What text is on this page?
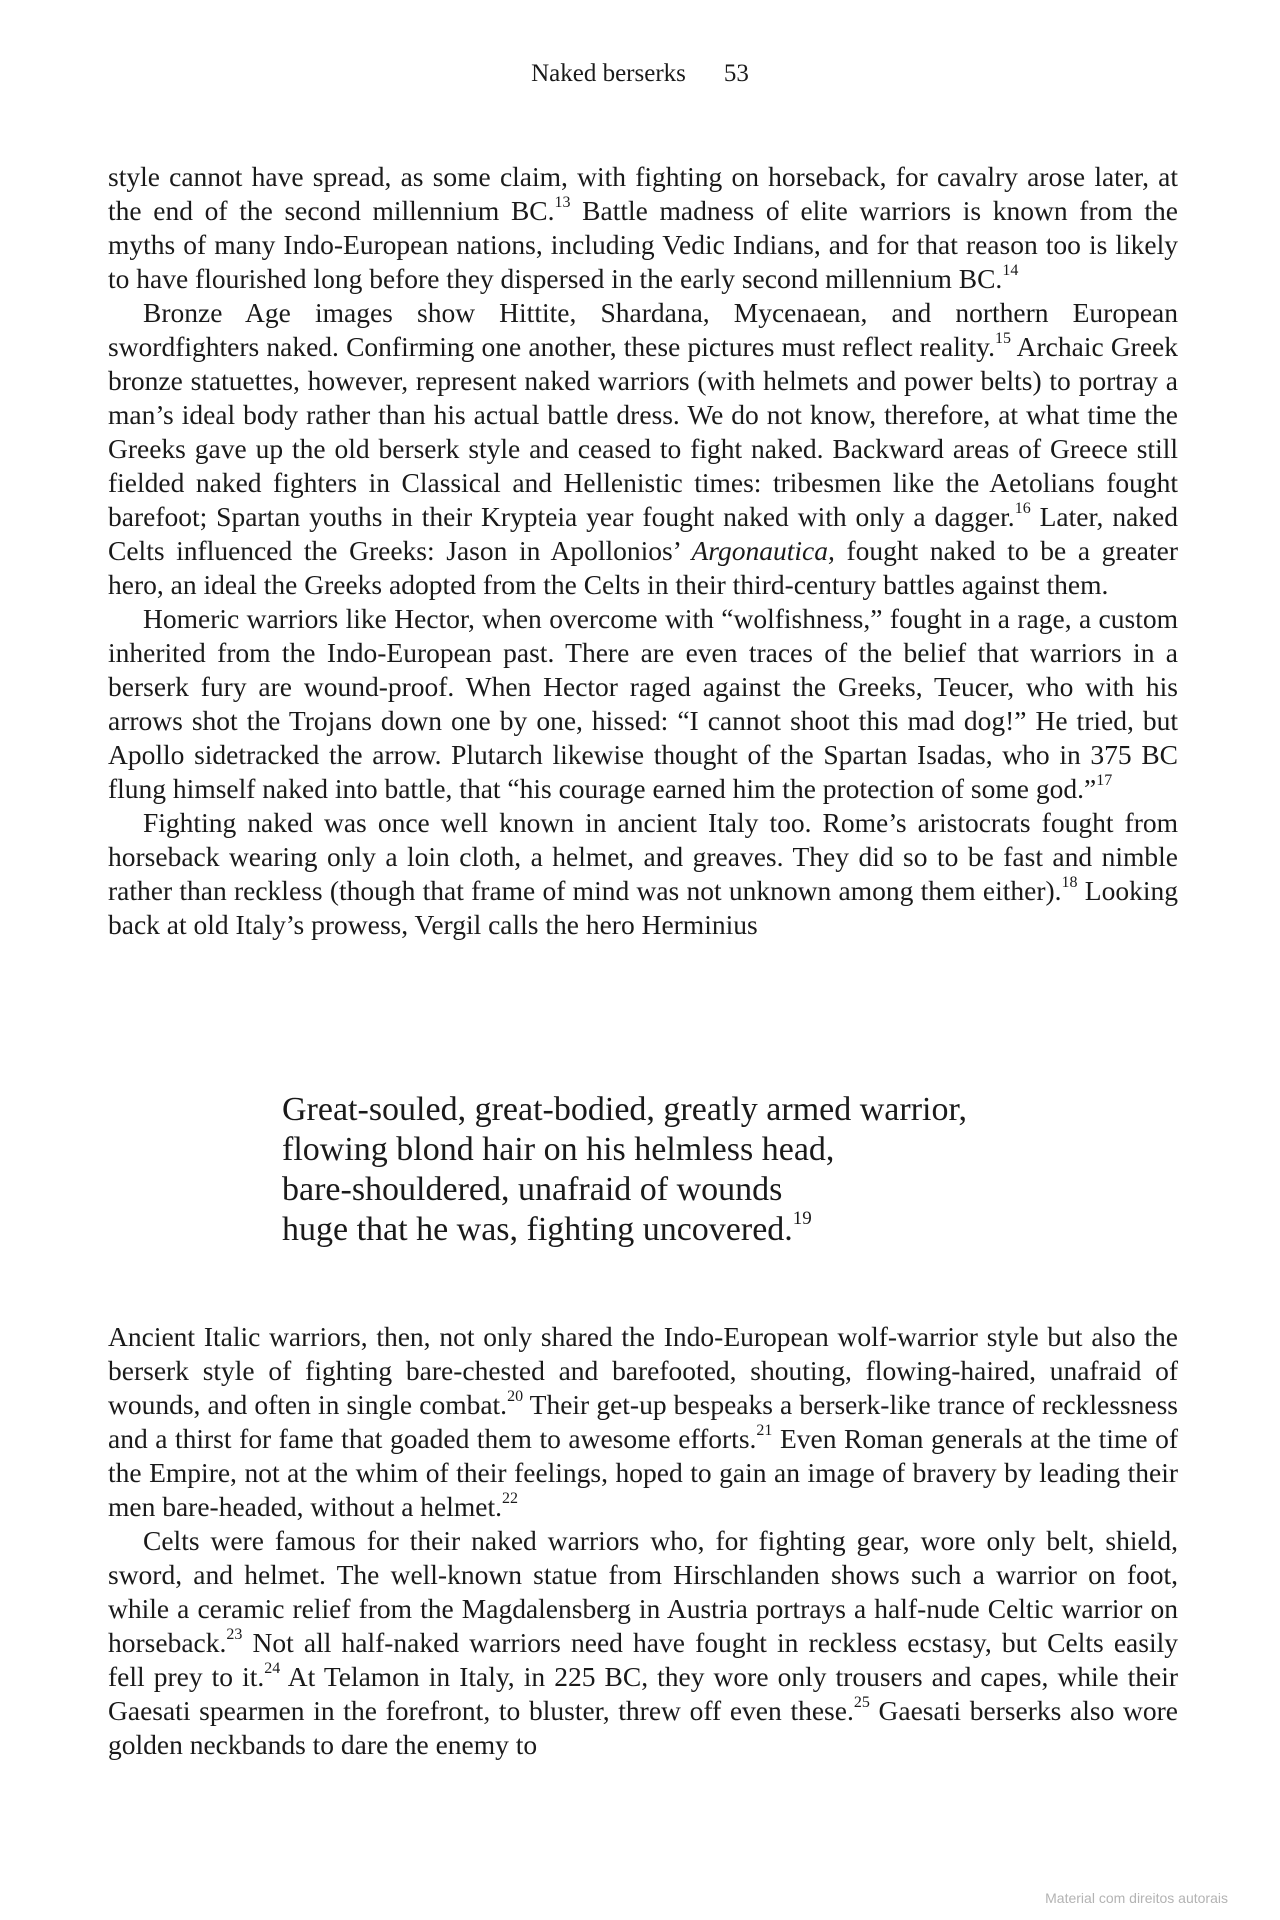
Naked berserks 53

style cannot have spread, as some claim, with fighting on horseback, for cavalry arose later, at the end of the second millennium BC.$^{13}$ Battle madness of elite warriors is known from the myths of many Indo-European nations, including Vedic Indians, and for that reason too is likely to have flourished long before they dispersed in the early second millennium BC.$^{14}$

Bronze Age images show Hittite, Shardana, Mycenaean, and northern European swordfighters naked. Confirming one another, these pictures must reflect reality.$^{15}$ Archaic Greek bronze statuettes, however, represent naked warriors (with helmets and power belts) to portray a man’s ideal body rather than his actual battle dress. We do not know, therefore, at what time the Greeks gave up the old berserk style and ceased to fight naked. Backward areas of Greece still fielded naked fighters in Classical and Hellenistic times: tribesmen like the Aetolians fought barefoot; Spartan youths in their Krypteia year fought naked with only a dagger.$^{16}$ Later, naked Celts influenced the Greeks: Jason in Apollonios’ Argonautica, fought naked to be a greater hero, an ideal the Greeks adopted from the Celts in their third-century battles against them.

Homeric warriors like Hector, when overcome with “wolfishness,” fought in a rage, a custom inherited from the Indo-European past. There are even traces of the belief that warriors in a berserk fury are wound-proof. When Hector raged against the Greeks, Teucer, who with his arrows shot the Trojans down one by one, hissed: “I cannot shoot this mad dog!” He tried, but Apollo sidetracked the arrow. Plutarch likewise thought of the Spartan Isadas, who in 375 BC flung himself naked into battle, that “his courage earned him the protection of some god.”$^{17}$

Fighting naked was once well known in ancient Italy too. Rome’s aristocrats fought from horseback wearing only a loin cloth, a helmet, and greaves. They did so to be fast and nimble rather than reckless (though that frame of mind was not unknown among them either).$^{18}$ Looking back at old Italy’s prowess, Vergil calls the hero Herminius

Great-souled, great-bodied, greatly armed warrior,
flowing blond hair on his helmless head,
bare-shouldered, unafraid of wounds
huge that he was, fighting uncovered.$^{19}$

Ancient Italic warriors, then, not only shared the Indo-European wolf-warrior style but also the berserk style of fighting bare-chested and barefooted, shouting, flowing-haired, unafraid of wounds, and often in single combat.$^{20}$ Their get-up bespeaks a berserk-like trance of recklessness and a thirst for fame that goaded them to awesome efforts.$^{21}$ Even Roman generals at the time of the Empire, not at the whim of their feelings, hoped to gain an image of bravery by leading their men bare-headed, without a helmet.$^{22}$

Celts were famous for their naked warriors who, for fighting gear, wore only belt, shield, sword, and helmet. The well-known statue from Hirschlanden shows such a warrior on foot, while a ceramic relief from the Magdalensberg in Austria portrays a half-nude Celtic warrior on horseback.$^{23}$ Not all half-naked warriors need have fought in reckless ecstasy, but Celts easily fell prey to it.$^{24}$ At Telamon in Italy, in 225 BC, they wore only trousers and capes, while their Gaesati spearmen in the forefront, to bluster, threw off even these.$^{25}$ Gaesati berserks also wore golden neckbands to dare the enemy to

Material com direitos autorais
